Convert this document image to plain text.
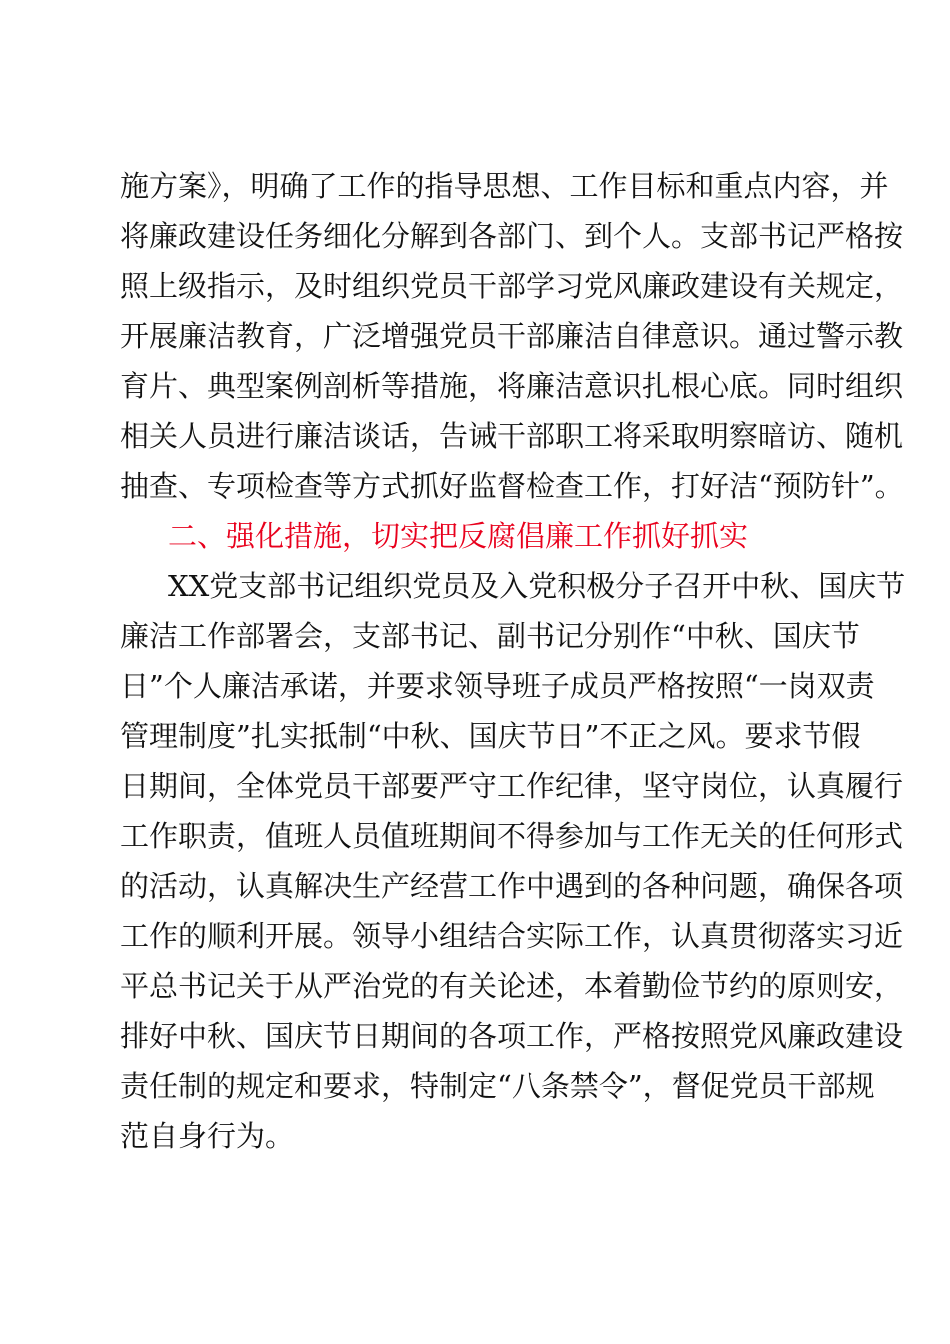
施方案》，明确了工作的指导思想、工作目标和重点内容，并
将廉政建设任务细化分解到各部门、到个人。支部书记严格按
照上级指示，及时组织党员干部学习党风廉政建设有关规定，
开展廉洁教育，广泛增强党员干部廉洁自律意识。通过警示教
育片、典型案例剖析等措施，将廉洁意识扎根心底。同时组织
相关人员进行廉洁谈话，告诫干部职工将采取明察暗访、随机
抽查、专项检查等方式抓好监督检查工作，打好洁“预防针”。
二、强化措施，切实把反腐倡廉工作抓好抓实
XX党支部书记组织党员及入党积极分子召开中秋、国庆节
廉洁工作部署会，支部书记、副书记分别作“中秋、国庆节
日”个人廉洁承诺，并要求领导班子成员严格按照“一岗双责
管理制度”扎实抵制“中秋、国庆节日”不正之风。要求节假
日期间，全体党员干部要严守工作纪律，坚守岗位，认真履行
工作职责，值班人员值班期间不得参加与工作无关的任何形式
的活动，认真解决生产经营工作中遇到的各种问题，确保各项
工作的顺利开展。领导小组结合实际工作，认真贯彻落实习近
平总书记关于从严治党的有关论述，本着勤俭节约的原则安，
排好中秋、国庆节日期间的各项工作，严格按照党风廉政建设
责任制的规定和要求，特制定“八条禁令”，督促党员干部规
范自身行为。
